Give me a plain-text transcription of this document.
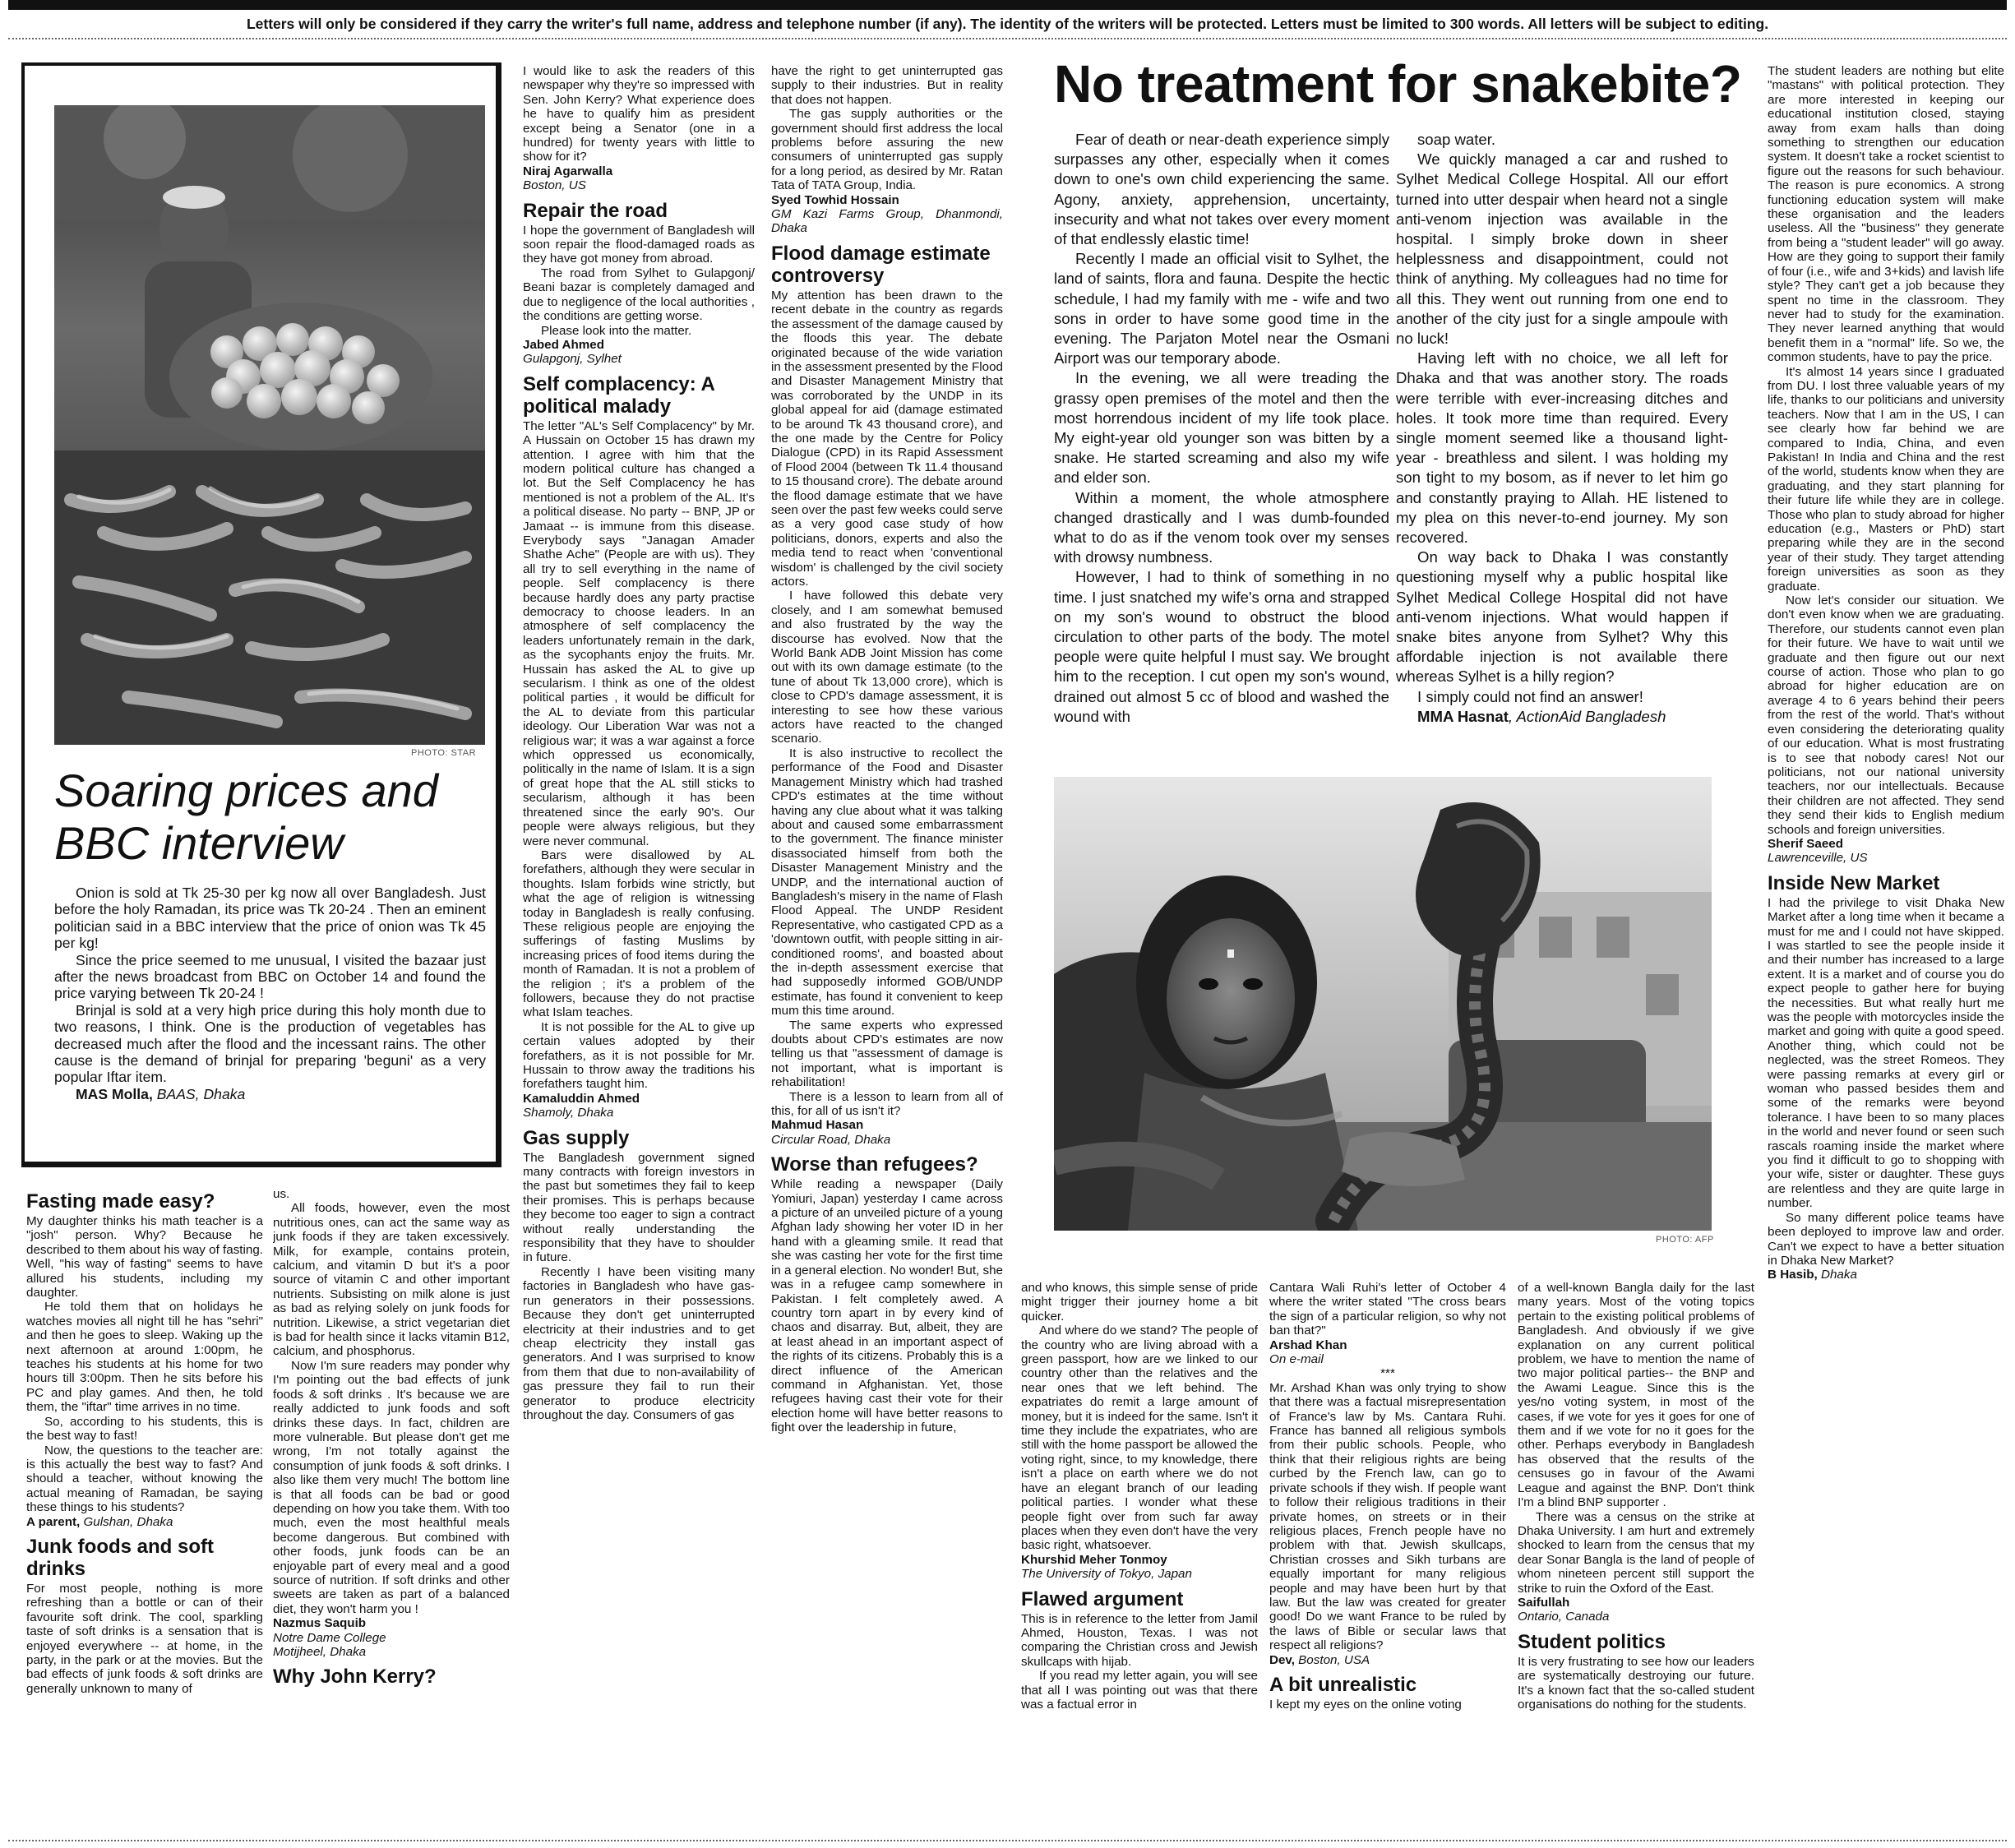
Letters will only be considered if they carry the writer's full name, address and telephone number (if any). The identity of the writers will be protected. Letters must be limited to 300 words. All letters will be subject to editing.
PHOTO: STAR
Soaring prices and BBC interview

Onion is sold at Tk 25-30 per kg now all over Bangladesh. Just before the holy Ramadan, its price was Tk 20-24 . Then an eminent politician said in a BBC interview that the price of onion was Tk 45 per kg!

Since the price seemed to me unusual, I visited the bazaar just after the news broadcast from BBC on October 14 and found the price varying between Tk 20-24 !

Brinjal is sold at a very high price during this holy month due to two reasons, I think. One is the production of vegetables has decreased much after the flood and the incessant rains. The other cause is the demand of brinjal for preparing 'beguni' as a very popular Iftar item.

MAS Molla, BAAS, Dhaka

Fasting made easy?

My daughter thinks his math teacher is a "josh" person. Why? Because he described to them about his way of fasting. Well, "his way of fasting" seems to have allured his students, including my daughter.

He told them that on holidays he watches movies all night till he has "sehri" and then he goes to sleep. Waking up the next afternoon at around 1:00pm, he teaches his students at his home for two hours till 3:00pm. Then he sits before his PC and play games. And then, he told them, the "iftar" time arrives in no time.

So, according to his students, this is the best way to fast!

Now, the questions to the teacher are: is this actually the best way to fast? And should a teacher, without knowing the actual meaning of Ramadan, be saying these things to his students?

A parent, Gulshan, Dhaka

Junk foods and soft drinks

For most people, nothing is more refreshing than a bottle or can of their favourite soft drink. The cool, sparkling taste of soft drinks is a sensation that is enjoyed everywhere -- at home, in the party, in the park or at the movies. But the bad effects of junk foods & soft drinks are generally unknown to many of

us.

All foods, however, even the most nutritious ones, can act the same way as junk foods if they are taken excessively. Milk, for example, contains protein, calcium, and vitamin D but it's a poor source of vitamin C and other important nutrients. Subsisting on milk alone is just as bad as relying solely on junk foods for nutrition. Likewise, a strict vegetarian diet is bad for health since it lacks vitamin B12, calcium, and phosphorus.

Now I'm sure readers may ponder why I'm pointing out the bad effects of junk foods & soft drinks . It's because we are really addicted to junk foods and soft drinks these days. In fact, children are more vulnerable. But please don't get me wrong, I'm not totally against the consumption of junk foods & soft drinks. I also like them very much! The bottom line is that all foods can be bad or good depending on how you take them. With too much, even the most healthful meals become dangerous. But combined with other foods, junk foods can be an enjoyable part of every meal and a good source of nutrition. If soft drinks and other sweets are taken as part of a balanced diet, they won't harm you !

Nazmus Saquib

Notre Dame College

Motijheel, Dhaka

Why John Kerry?

I would like to ask the readers of this newspaper why they're so impressed with Sen. John Kerry? What experience does he have to qualify him as president except being a Senator (one in a hundred) for twenty years with little to show for it?

Niraj Agarwalla

Boston, US

Repair the road

I hope the government of Bangladesh will soon repair the flood-damaged roads as they have got money from abroad.

The road from Sylhet to Gulapgonj/ Beani bazar is completely damaged and due to negligence of the local authorities , the conditions are getting worse.

Please look into the matter.

Jabed Ahmed

Gulapgonj, Sylhet

Self complacency: A political malady

The letter "AL's Self Complacency" by Mr. A Hussain on October 15 has drawn my attention. I agree with him that the modern political culture has changed a lot. But the Self Complacency he has mentioned is not a problem of the AL. It's a political disease. No party -- BNP, JP or Jamaat -- is immune from this disease. Everybody says "Janagan Amader Shathe Ache" (People are with us). They all try to sell everything in the name of people. Self complacency is there because hardly does any party practise democracy to choose leaders. In an atmosphere of self complacency the leaders unfortunately remain in the dark, as the sycophants enjoy the fruits. Mr. Hussain has asked the AL to give up secularism. I think as one of the oldest political parties , it would be difficult for the AL to deviate from this particular ideology. Our Liberation War was not a religious war; it was a war against a force which oppressed us economically, politically in the name of Islam. It is a sign of great hope that the AL still sticks to secularism, although it has been threatened since the early 90's. Our people were always religious, but they were never communal.

Bars were disallowed by AL forefathers, although they were secular in thoughts. Islam forbids wine strictly, but what the age of religion is witnessing today in Bangladesh is really confusing. These religious people are enjoying the sufferings of fasting Muslims by increasing prices of food items during the month of Ramadan. It is not a problem of the religion ; it's a problem of the followers, because they do not practise what Islam teaches.

It is not possible for the AL to give up certain values adopted by their forefathers, as it is not possible for Mr. Hussain to throw away the traditions his forefathers taught him.

Kamaluddin Ahmed

Shamoly, Dhaka

Gas supply

The Bangladesh government signed many contracts with foreign investors in the past but sometimes they fail to keep their promises. This is perhaps because they become too eager to sign a contract without really understanding the responsibility that they have to shoulder in future.

Recently I have been visiting many factories in Bangladesh who have gas- run generators in their possessions. Because they don't get uninterrupted electricity at their industries and to get cheap electricity they install gas generators. And I was surprised to know from them that due to non-availability of gas pressure they fail to run their generator to produce electricity throughout the day. Consumers of gas

have the right to get uninterrupted gas supply to their industries. But in reality that does not happen.

The gas supply authorities or the government should first address the local problems before assuring the new consumers of uninterrupted gas supply for a long period, as desired by Mr. Ratan Tata of TATA Group, India.

Syed Towhid Hossain

GM Kazi Farms Group, Dhanmondi, Dhaka

Flood damage estimate controversy

My attention has been drawn to the recent debate in the country as regards the assessment of the damage caused by the floods this year. The debate originated because of the wide variation in the assessment presented by the Flood and Disaster Management Ministry that was corroborated by the UNDP in its global appeal for aid (damage estimated to be around Tk 43 thousand crore), and the one made by the Centre for Policy Dialogue (CPD) in its Rapid Assessment of Flood 2004 (between Tk 11.4 thousand to 15 thousand crore). The debate around the flood damage estimate that we have seen over the past few weeks could serve as a very good case study of how politicians, donors, experts and also the media tend to react when 'conventional wisdom' is challenged by the civil society actors.

I have followed this debate very closely, and I am somewhat bemused and also frustrated by the way the discourse has evolved. Now that the World Bank ADB Joint Mission has come out with its own damage estimate (to the tune of about Tk 13,000 crore), which is close to CPD's damage assessment, it is interesting to see how these various actors have reacted to the changed scenario.

It is also instructive to recollect the performance of the Food and Disaster Management Ministry which had trashed CPD's estimates at the time without having any clue about what it was talking about and caused some embarrassment to the government. The finance minister disassociated himself from both the Disaster Management Ministry and the UNDP, and the international auction of Bangladesh's misery in the name of Flash Flood Appeal. The UNDP Resident Representative, who castigated CPD as a 'downtown outfit, with people sitting in air-conditioned rooms', and boasted about the in-depth assessment exercise that had supposedly informed GOB/UNDP estimate, has found it convenient to keep mum this time around.

The same experts who expressed doubts about CPD's estimates are now telling us that "assessment of damage is not important, what is important is rehabilitation!

There is a lesson to learn from all of this, for all of us isn't it?

Mahmud Hasan

Circular Road, Dhaka

Worse than refugees?

While reading a newspaper (Daily Yomiuri, Japan) yesterday I came across a picture of an unveiled picture of a young Afghan lady showing her voter ID in her hand with a gleaming smile. It read that she was casting her vote for the first time in a general election. No wonder! But, she was in a refugee camp somewhere in Pakistan. I felt completely awed. A country torn apart in by every kind of chaos and disarray. But, albeit, they are at least ahead in an important aspect of the rights of its citizens. Probably this is a direct influence of the American command in Afghanistan. Yet, those refugees having cast their vote for their election home will have better reasons to fight over the leadership in future,

No treatment for snakebite?

Fear of death or near-death experience simply surpasses any other, especially when it comes down to one's own child experiencing the same. Agony, anxiety, apprehension, uncertainty, insecurity and what not takes over every moment of that endlessly elastic time!

Recently I made an official visit to Sylhet, the land of saints, flora and fauna. Despite the hectic schedule, I had my family with me - wife and two sons in order to have some good time in the evening. The Parjaton Motel near the Osmani Airport was our temporary abode.

In the evening, we all were treading the grassy open premises of the motel and then the most horrendous incident of my life took place. My eight-year old younger son was bitten by a snake. He started screaming and also my wife and elder son.

Within a moment, the whole atmosphere changed drastically and I was dumb-founded what to do as if the venom took over my senses with drowsy numbness.

However, I had to think of something in no time. I just snatched my wife's orna and strapped on my son's wound to obstruct the blood circulation to other parts of the body. The motel people were quite helpful I must say. We brought him to the reception. I cut open my son's wound, drained out almost 5 cc of blood and washed the wound with

soap water.

We quickly managed a car and rushed to Sylhet Medical College Hospital. All our effort turned into utter despair when heard not a single anti-venom injection was available in the hospital. I simply broke down in sheer helplessness and disappointment, could not think of anything. My colleagues had no time for all this. They went out running from one end to another of the city just for a single ampoule with no luck!

Having left with no choice, we all left for Dhaka and that was another story. The roads were terrible with ever-increasing ditches and holes. It took more time than required. Every single moment seemed like a thousand light-year - breathless and silent. I was holding my son tight to my bosom, as if never to let him go and constantly praying to Allah. HE listened to my plea on this never-to-end journey. My son recovered.

On way back to Dhaka I was constantly questioning myself why a public hospital like Sylhet Medical College Hospital did not have anti-venom injections. What would happen if snake bites anyone from Sylhet? Why this affordable injection is not available there whereas Sylhet is a hilly region?

I simply could not find an answer!

MMA Hasnat, ActionAid Bangladesh

PHOTO: AFP

and who knows, this simple sense of pride might trigger their journey home a bit quicker.

And where do we stand? The people of the country who are living abroad with a green passport, how are we linked to our country other than the relatives and the near ones that we left behind. The expatriates do remit a large amount of money, but it is indeed for the same. Isn't it time they include the expatriates, who are still with the home passport be allowed the voting right, since, to my knowledge, there isn't a place on earth where we do not have an elegant branch of our leading political parties. I wonder what these people fight over from such far away places when they even don't have the very basic right, whatsoever.

Khurshid Meher Tonmoy

The University of Tokyo, Japan

Flawed argument

This is in reference to the letter from Jamil Ahmed, Houston, Texas. I was not comparing the Christian cross and Jewish skullcaps with hijab.

If you read my letter again, you will see that all I was pointing out was that there was a factual error in

Cantara Wali Ruhi's letter of October 4 where the writer stated "The cross bears the sign of a particular religion, so why not ban that?"

Arshad Khan

On e-mail

***

Mr. Arshad Khan was only trying to show that there was a factual misrepresentation of France's law by Ms. Cantara Ruhi. France has banned all religious symbols from their public schools. People, who think that their religious rights are being curbed by the French law, can go to private schools if they wish. If people want to follow their religious traditions in their private homes, on streets or in their religious places, French people have no problem with that. Jewish skullcaps, Christian crosses and Sikh turbans are equally important for many religious people and may have been hurt by that law. But the law was created for greater good! Do we want France to be ruled by the laws of Bible or secular laws that respect all religions?

Dev, Boston, USA

A bit unrealistic

I kept my eyes on the online voting

of a well-known Bangla daily for the last many years. Most of the voting topics pertain to the existing political problems of Bangladesh. And obviously if we give explanation on any current political problem, we have to mention the name of two major political parties-- the BNP and the Awami League. Since this is the yes/no voting system, in most of the cases, if we vote for yes it goes for one of them and if we vote for no it goes for the other. Perhaps everybody in Bangladesh has observed that the results of the censuses go in favour of the Awami League and against the BNP. Don't think I'm a blind BNP supporter .

There was a census on the strike at Dhaka University. I am hurt and extremely shocked to learn from the census that my dear Sonar Bangla is the land of people of whom nineteen percent still support the strike to ruin the Oxford of the East.

Saifullah

Ontario, Canada

Student politics

It is very frustrating to see how our leaders are systematically destroying our future. It's a known fact that the so-called student organisations do nothing for the students.

The student leaders are nothing but elite "mastans" with political protection. They are more interested in keeping our educational institution closed, staying away from exam halls than doing something to strengthen our education system. It doesn't take a rocket scientist to figure out the reasons for such behaviour. The reason is pure economics. A strong functioning education system will make these organisation and the leaders useless. All the "business" they generate from being a "student leader" will go away. How are they going to support their family of four (i.e., wife and 3+kids) and lavish life style? They can't get a job because they spent no time in the classroom. They never had to study for the examination. They never learned anything that would benefit them in a "normal" life. So we, the common students, have to pay the price.

It's almost 14 years since I graduated from DU. I lost three valuable years of my life, thanks to our politicians and university teachers. Now that I am in the US, I can see clearly how far behind we are compared to India, China, and even Pakistan! In India and China and the rest of the world, students know when they are graduating, and they start planning for their future life while they are in college. Those who plan to study abroad for higher education (e.g., Masters or PhD) start preparing while they are in the second year of their study. They target attending foreign universities as soon as they graduate.

Now let's consider our situation. We don't even know when we are graduating. Therefore, our students cannot even plan for their future. We have to wait until we graduate and then figure out our next course of action. Those who plan to go abroad for higher education are on average 4 to 6 years behind their peers from the rest of the world. That's without even considering the deteriorating quality of our education. What is most frustrating is to see that nobody cares! Not our politicians, not our national university teachers, nor our intellectuals. Because their children are not affected. They send they send their kids to English medium schools and foreign universities.

Sherif Saeed

Lawrenceville, US

Inside New Market

I had the privilege to visit Dhaka New Market after a long time when it became a must for me and I could not have skipped. I was startled to see the people inside it and their number has increased to a large extent. It is a market and of course you do expect people to gather here for buying the necessities. But what really hurt me was the people with motorcycles inside the market and going with quite a good speed. Another thing, which could not be neglected, was the street Romeos. They were passing remarks at every girl or woman who passed besides them and some of the remarks were beyond tolerance. I have been to so many places in the world and never found or seen such rascals roaming inside the market where you find it difficult to go to shopping with your wife, sister or daughter. These guys are relentless and they are quite large in number.

So many different police teams have been deployed to improve law and order. Can't we expect to have a better situation in Dhaka New Market?

B Hasib, Dhaka
